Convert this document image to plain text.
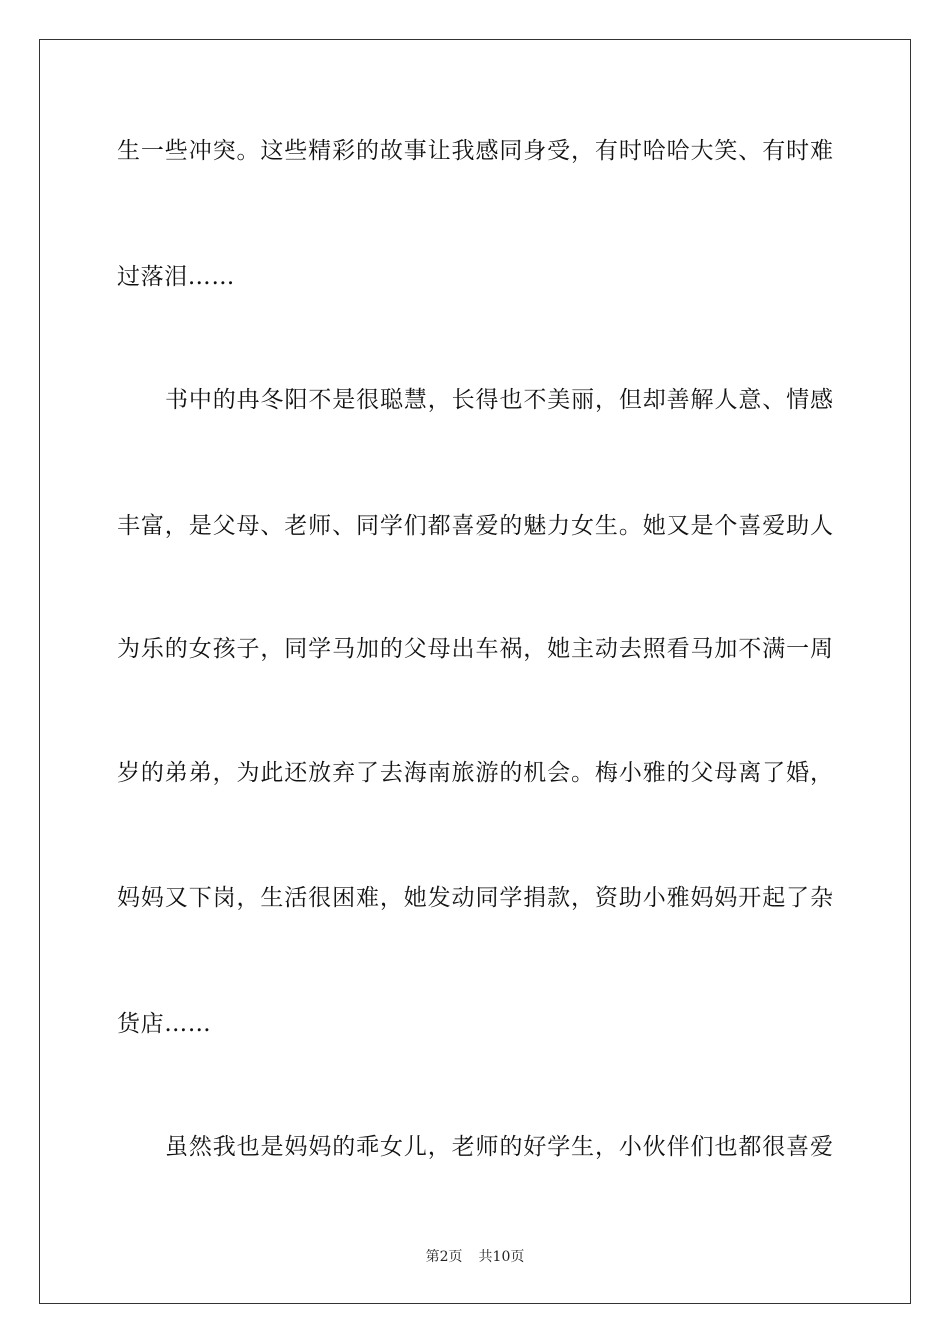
生一些冲突。这些精彩的故事让我感同身受，有时哈哈大笑、有时难
过落泪……
书中的冉冬阳不是很聪慧，长得也不美丽，但却善解人意、情感
丰富，是父母、老师、同学们都喜爱的魅力女生。她又是个喜爱助人
为乐的女孩子，同学马加的父母出车祸，她主动去照看马加不满一周
岁的弟弟，为此还放弃了去海南旅游的机会。梅小雅的父母离了婚，
妈妈又下岗，生活很困难，她发动同学捐款，资助小雅妈妈开起了杂
货店……
虽然我也是妈妈的乖女儿，老师的好学生，小伙伴们也都很喜爱
第2页 共10页
